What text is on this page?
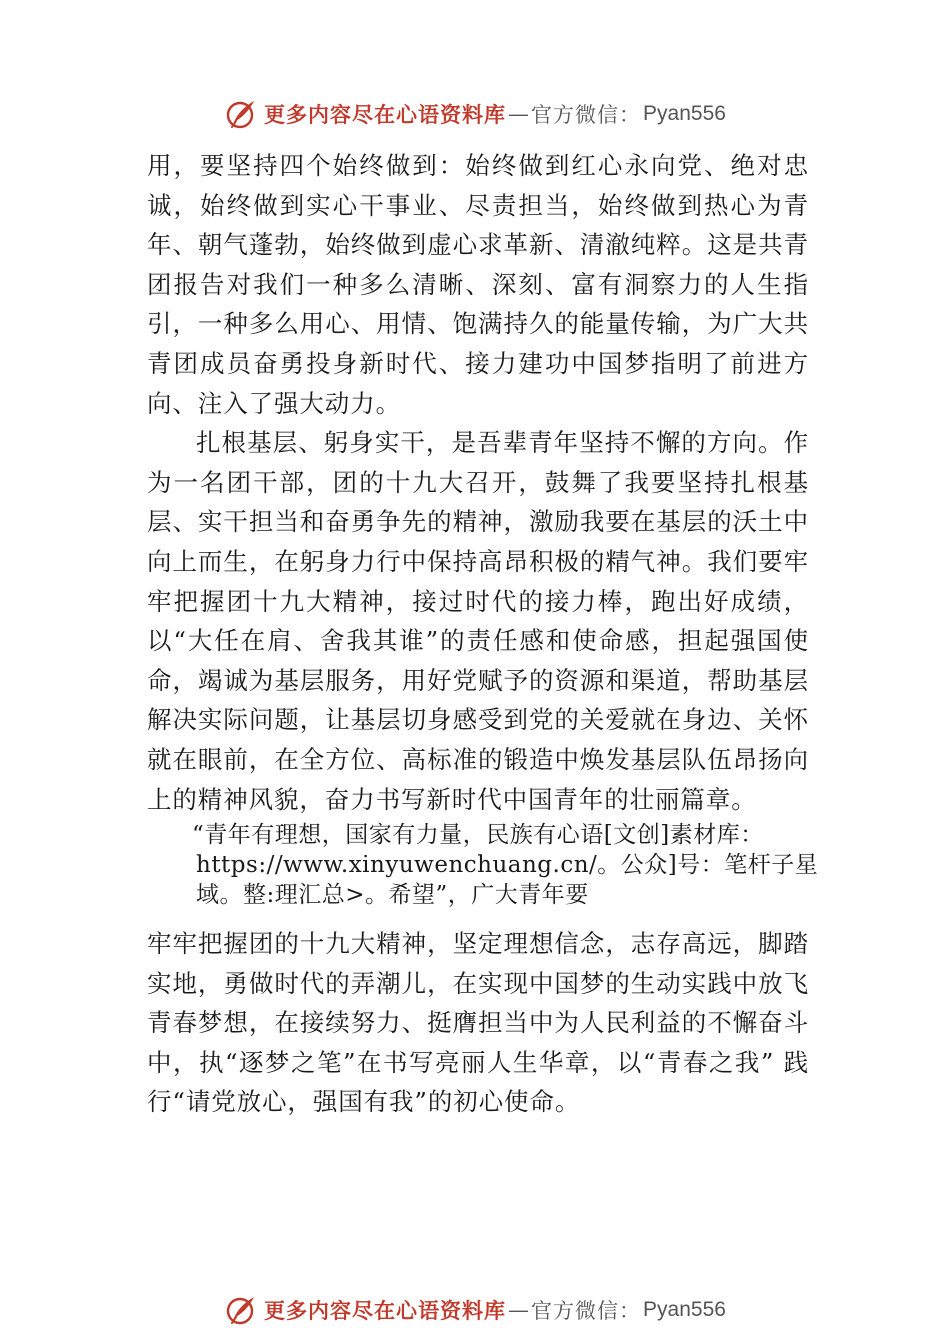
更多内容尽在心语资料库 — 官方微信： Pyan556

用，要坚持四个始终做到：始终做到红心永向党、绝对忠诚，始终做到实心干事业、尽责担当，始终做到热心为青年、朝气蓬勃，始终做到虚心求革新、清澈纯粹。这是共青团报告对我们一种多么清晰、深刻、富有洞察力的人生指引，一种多么用心、用情、饱满持久的能量传输，为广大共青团成员奋勇投身新时代、接力建功中国梦指明了前进方向、注入了强大动力。

扎根基层、躬身实干，是吾辈青年坚持不懈的方向。作为一名团干部，团的十九大召开，鼓舞了我要坚持扎根基层、实干担当和奋勇争先的精神，激励我要在基层的沃土中向上而生，在躬身力行中保持高昂积极的精气神。我们要牢牢把握团十九大精神，接过时代的接力棒，跑出好成绩，以“大任在肩、舍我其谁”的责任感和使命感，担起强国使命，竭诚为基层服务，用好党赋予的资源和渠道，帮助基层解决实际问题，让基层切身感受到党的关爱就在身边、关怀就在眼前，在全方位、高标准的锻造中焕发基层队伍昂扬向上的精神风貌，奋力书写新时代中国青年的壮丽篇章。

“青年有理想，国家有力量，民族有心语[文创]素材库：
https://www.xinyuwenchuang.cn/。公众]号：笔杆子星
域。整:理汇总>。希望”，广大青年要

牢牢把握团的十九大精神，坚定理想信念，志存高远，脚踏实地，勇做时代的弄潮儿，在实现中国梦的生动实践中放飞青春梦想，在接续努力、挺膺担当中为人民利益的不懈奋斗中，执“逐梦之笔”在书写亮丽人生华章，以“青春之我” 践行“请党放心，强国有我”的初心使命。

更多内容尽在心语资料库 — 官方微信： Pyan556
